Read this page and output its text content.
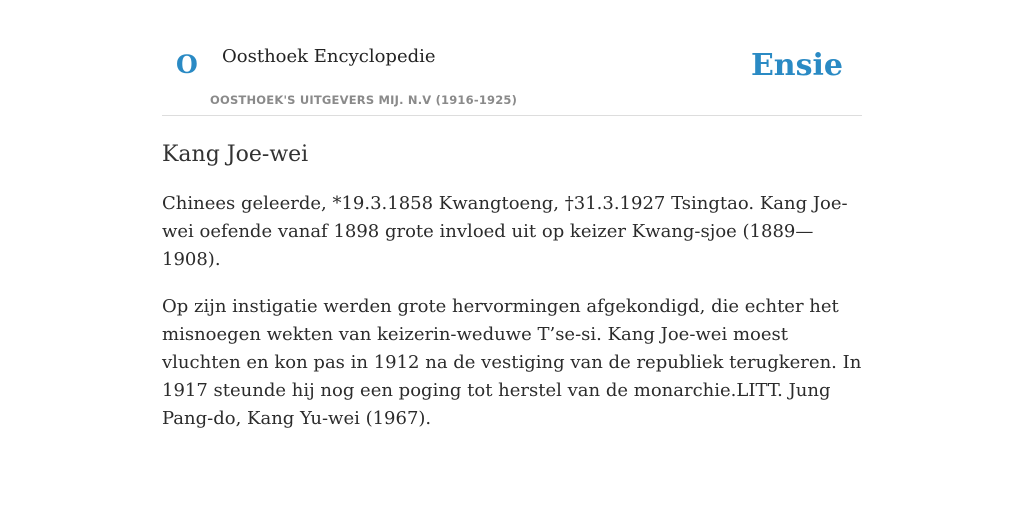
O Oosthoek Encyclopedie	Ensie
OOSTHOEK'S UITGEVERS MIJ. N.V (1916-1925)
Kang Joe-wei

Chinees geleerde, *19.3.1858 Kwangtoeng, †31.3.1927 Tsingtao. Kang Joe-wei oefende vanaf 1898 grote invloed uit op keizer Kwang-sjoe (1889—1908).

Op zijn instigatie werden grote hervormingen afgekondigd, die echter het misnoegen wekten van keizerin-weduwe T’se-si. Kang Joe-wei moest vluchten en kon pas in 1912 na de vestiging van de republiek terugkeren. In 1917 steunde hij nog een poging tot herstel van de monarchie.LITT. Jung Pang-do, Kang Yu-wei (1967).
